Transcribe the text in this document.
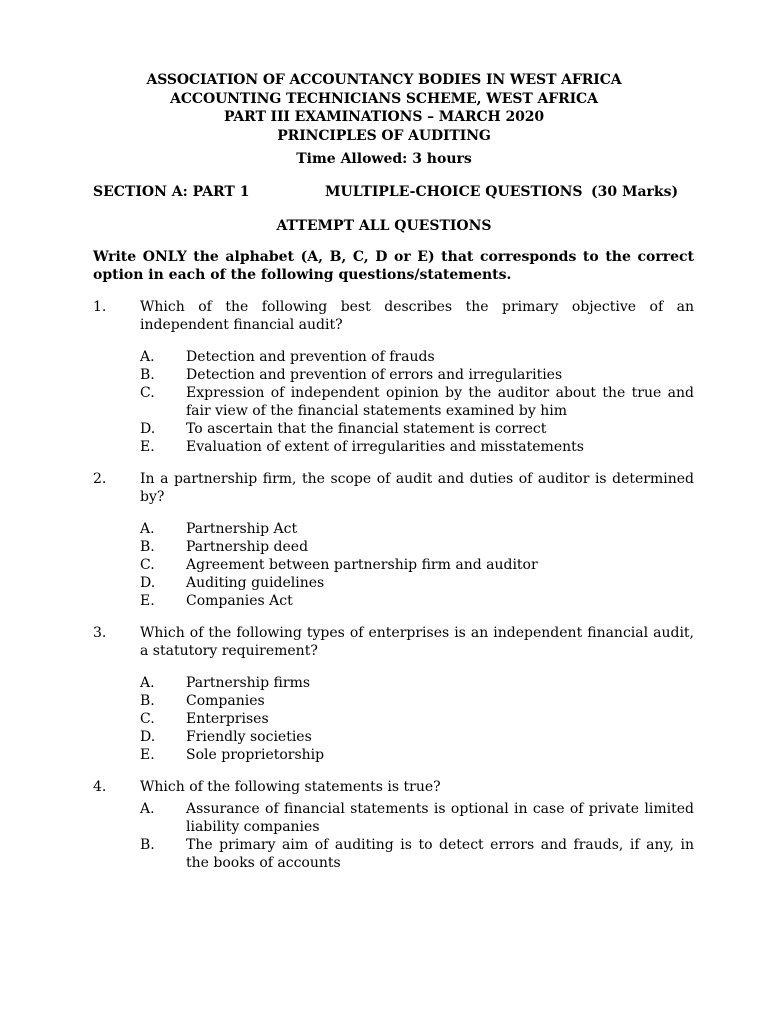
ASSOCIATION OF ACCOUNTANCY BODIES IN WEST AFRICA
ACCOUNTING TECHNICIANS SCHEME, WEST AFRICA
PART III EXAMINATIONS – MARCH 2020
PRINCIPLES OF AUDITING
Time Allowed: 3 hours
SECTION A: PART 1	MULTIPLE-CHOICE QUESTIONS (30 Marks)
ATTEMPT ALL QUESTIONS
Write ONLY the alphabet (A, B, C, D or E) that corresponds to the correct option in each of the following questions/statements.
1. Which of the following best describes the primary objective of an independent financial audit?
A. Detection and prevention of frauds
B. Detection and prevention of errors and irregularities
C. Expression of independent opinion by the auditor about the true and fair view of the financial statements examined by him
D. To ascertain that the financial statement is correct
E. Evaluation of extent of irregularities and misstatements
2. In a partnership firm, the scope of audit and duties of auditor is determined by?
A. Partnership Act
B. Partnership deed
C. Agreement between partnership firm and auditor
D. Auditing guidelines
E. Companies Act
3. Which of the following types of enterprises is an independent financial audit, a statutory requirement?
A. Partnership firms
B. Companies
C. Enterprises
D. Friendly societies
E. Sole proprietorship
4. Which of the following statements is true?
A. Assurance of financial statements is optional in case of private limited liability companies
B. The primary aim of auditing is to detect errors and frauds, if any, in the books of accounts
